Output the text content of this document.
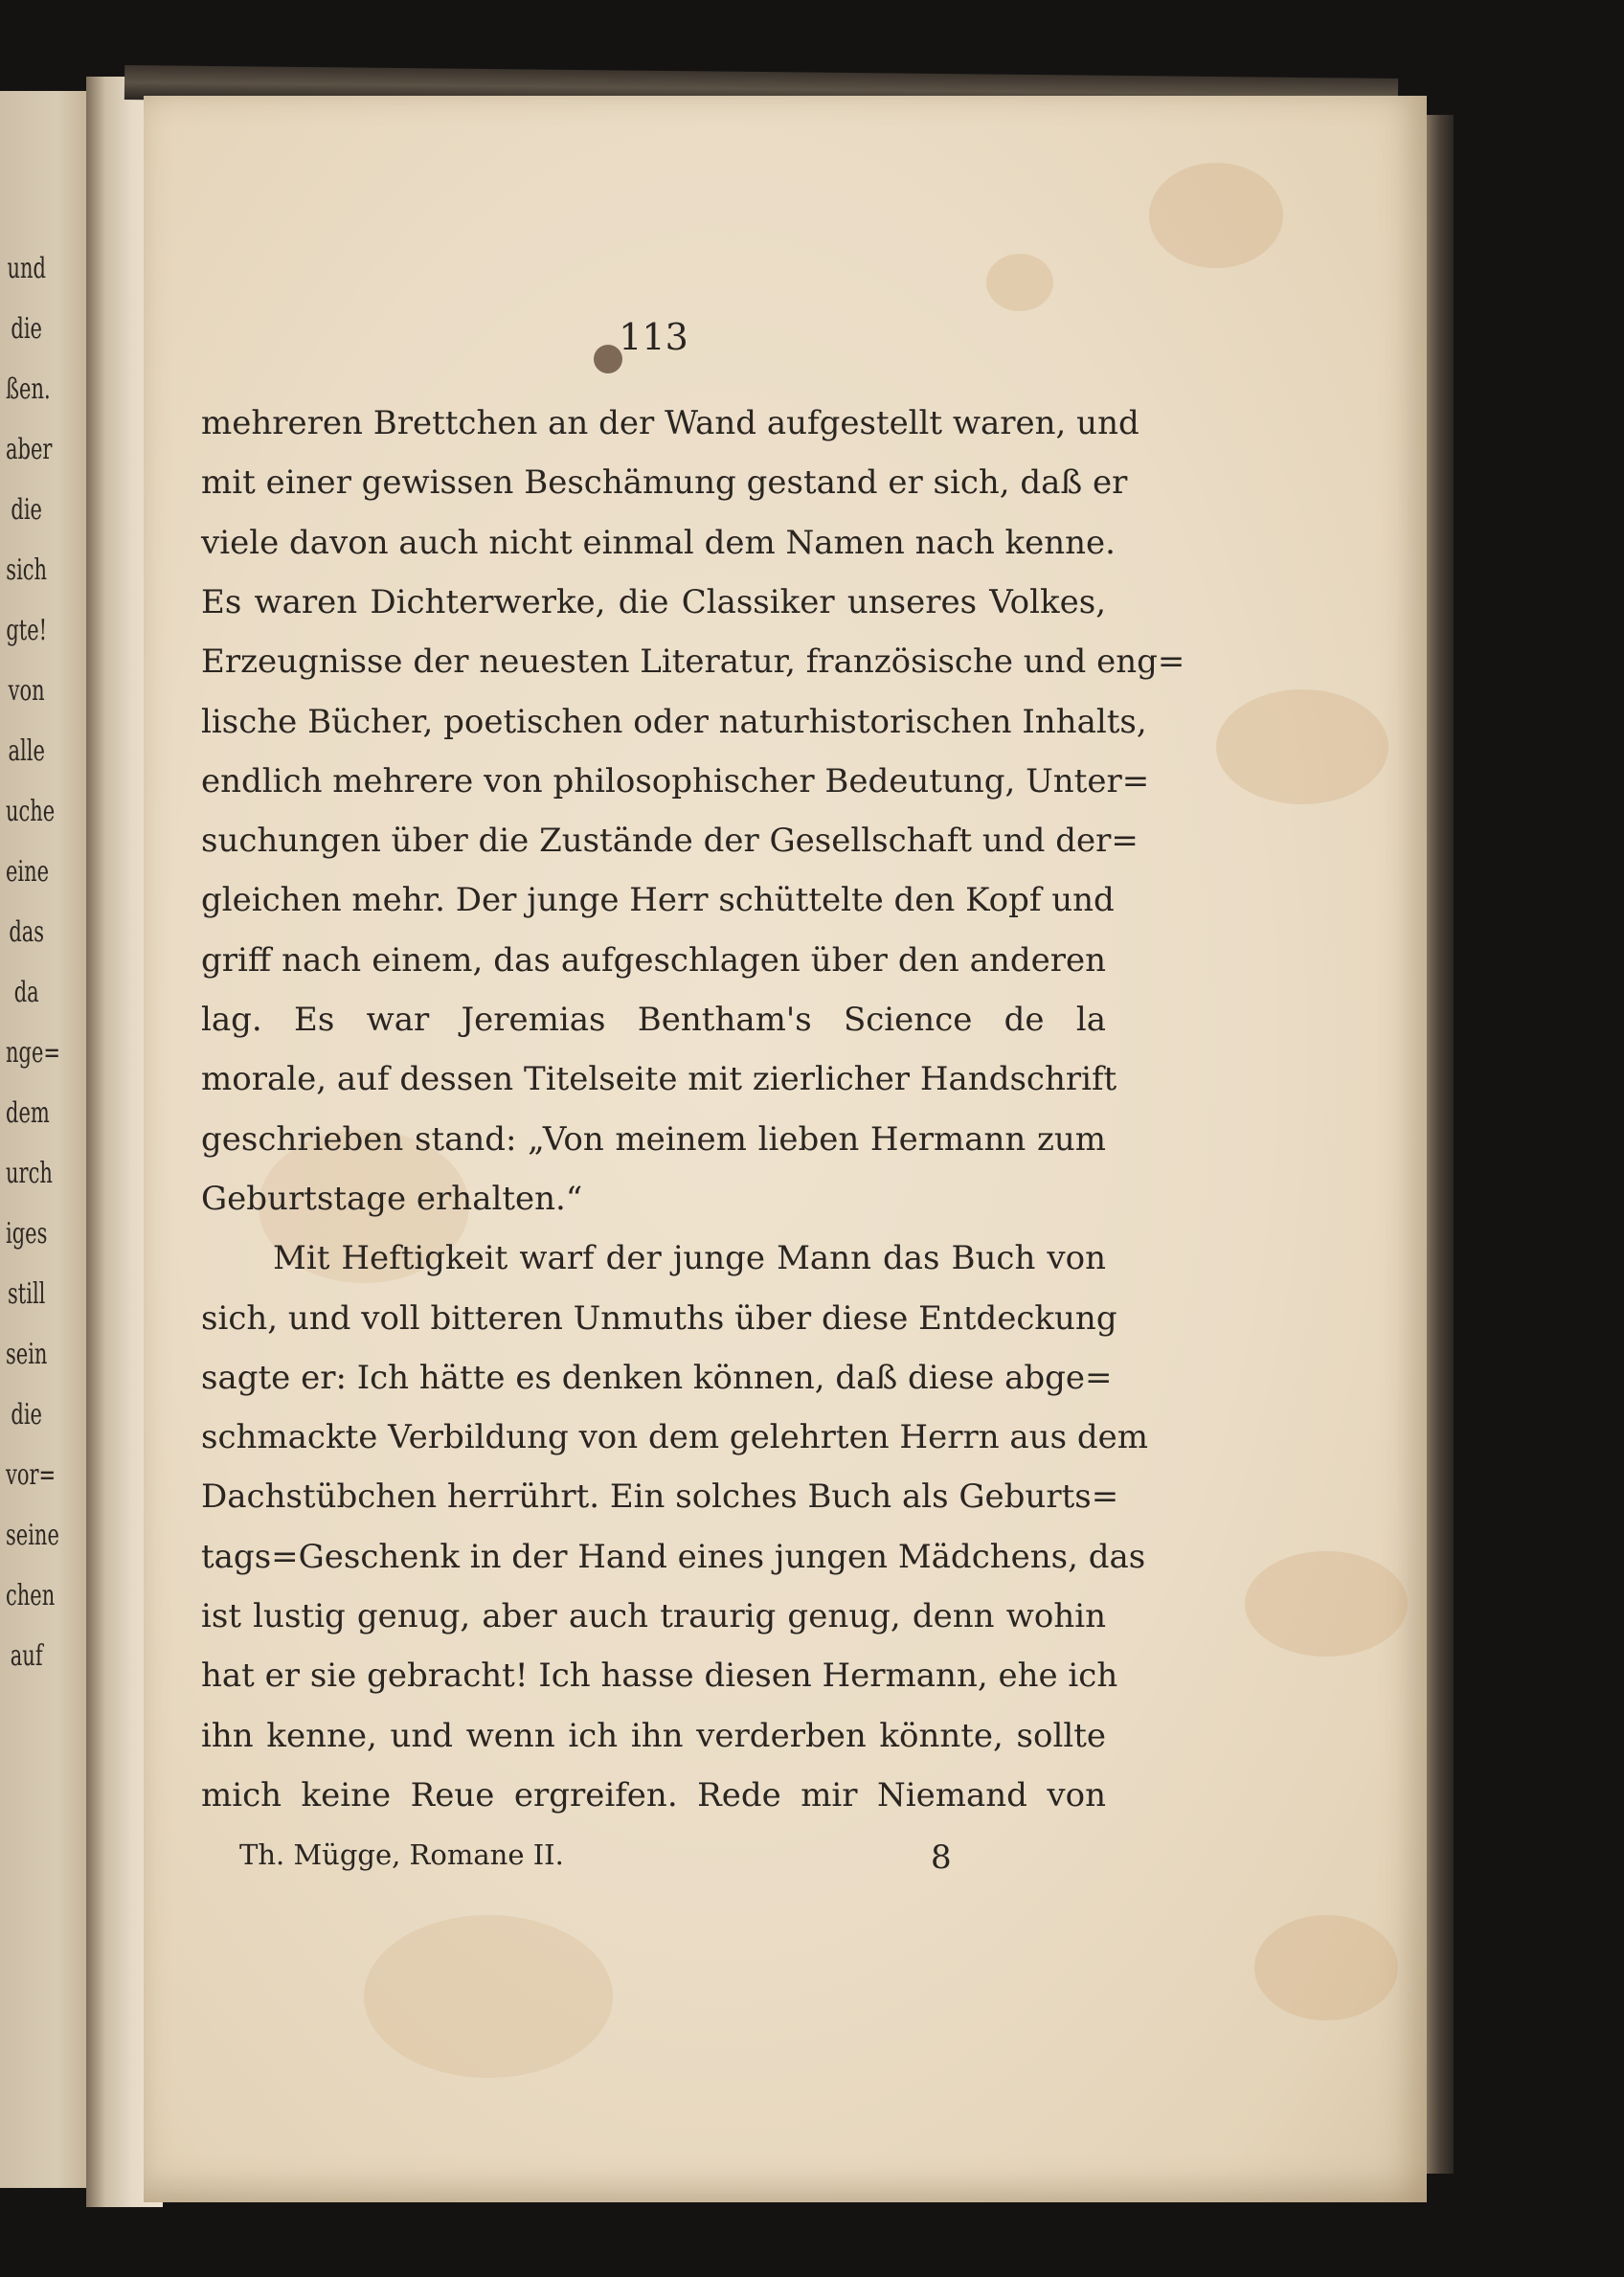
und
die
ßen.
aber
die
sich
gte!
von
alle
uche
eine
das
da
nge=
dem
urch
iges
still
sein
die
vor=
seine
chen
auf
113
mehreren Brettchen an der Wand aufgestellt waren, und
mit einer gewissen Beschämung gestand er sich, daß er
viele davon auch nicht einmal dem Namen nach kenne.
Es waren Dichterwerke, die Classiker unseres Volkes,
Erzeugnisse der neuesten Literatur, französische und eng=
lische Bücher, poetischen oder naturhistorischen Inhalts,
endlich mehrere von philosophischer Bedeutung, Unter=
suchungen über die Zustände der Gesellschaft und der=
gleichen mehr. Der junge Herr schüttelte den Kopf und
griff nach einem, das aufgeschlagen über den anderen
lag. Es war Jeremias Bentham's Science de la
morale, auf dessen Titelseite mit zierlicher Handschrift
geschrieben stand: „Von meinem lieben Hermann zum
Geburtstage erhalten.“
Mit Heftigkeit warf der junge Mann das Buch von
sich, und voll bitteren Unmuths über diese Entdeckung
sagte er: Ich hätte es denken können, daß diese abge=
schmackte Verbildung von dem gelehrten Herrn aus dem
Dachstübchen herrührt. Ein solches Buch als Geburts=
tags=Geschenk in der Hand eines jungen Mädchens, das
ist lustig genug, aber auch traurig genug, denn wohin
hat er sie gebracht! Ich hasse diesen Hermann, ehe ich
ihn kenne, und wenn ich ihn verderben könnte, sollte
mich keine Reue ergreifen. Rede mir Niemand von
Th. Mügge, Romane II.	8
